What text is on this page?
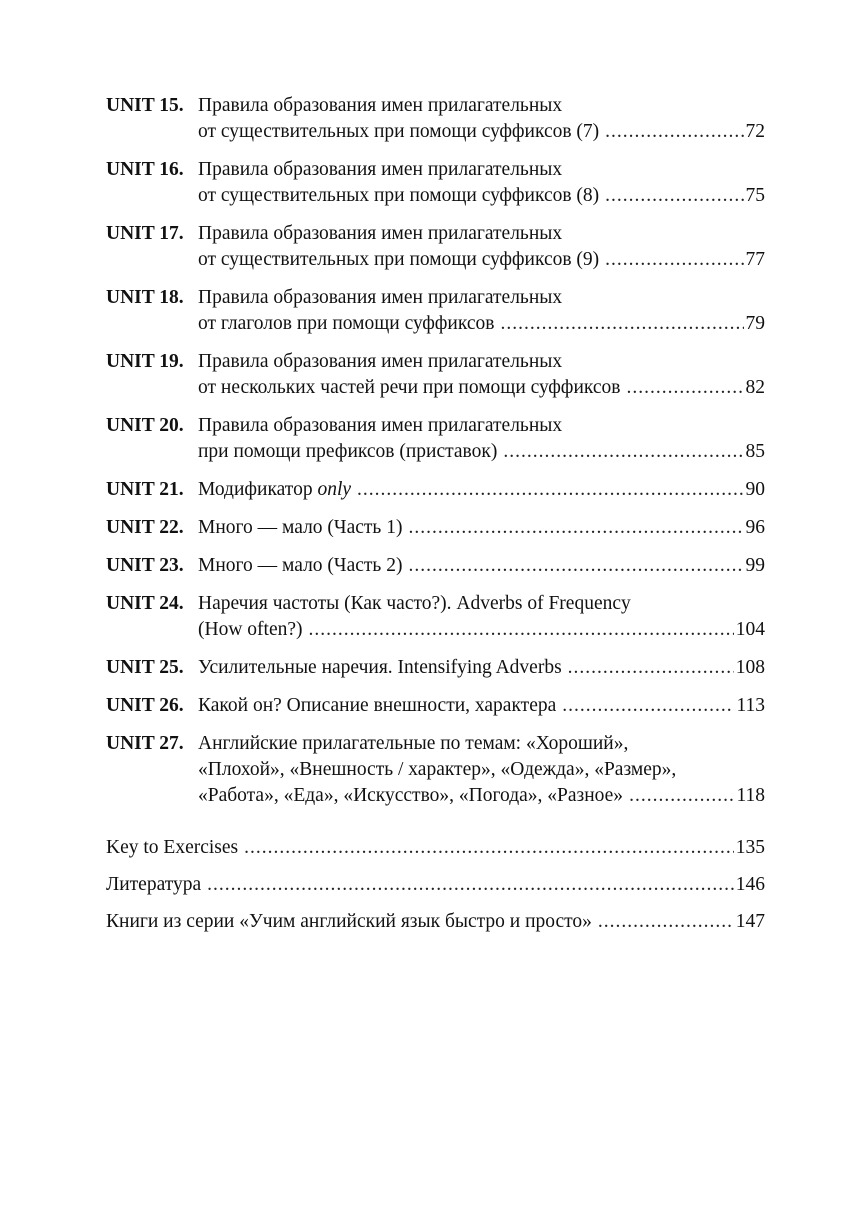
UNIT 15. Правила образования имен прилагательных
от существительных при помощи суффиксов (7) .....	72
UNIT 16. Правила образования имен прилагательных
от существительных при помощи суффиксов (8) .....	75
UNIT 17. Правила образования имен прилагательных
от существительных при помощи суффиксов (9) .....	77
UNIT 18. Правила образования имен прилагательных
от глаголов при помощи суффиксов .....	79
UNIT 19. Правила образования имен прилагательных
от нескольких частей речи при помощи суффиксов .....	82
UNIT 20. Правила образования имен прилагательных
при помощи префиксов (приставок) .....	85
UNIT 21. Модификатор only .....	90
UNIT 22. Много — мало (Часть 1) .....	96
UNIT 23. Много — мало (Часть 2) .....	99
UNIT 24. Наречия частоты (Как часто?). Adverbs of Frequency
(How often?) .....	104
UNIT 25. Усилительные наречия. Intensifying Adverbs .....	108
UNIT 26. Какой он? Описание внешности, характера .....	113
UNIT 27. Английские прилагательные по темам: «Хороший»,
«Плохой», «Внешность / характер», «Одежда», «Размер»,
«Работа», «Еда», «Искусство», «Погода», «Разное» .....	118
Key to Exercises .....	135
Литература .....	146
Книги из серии «Учим английский язык быстро и просто» .....	147
